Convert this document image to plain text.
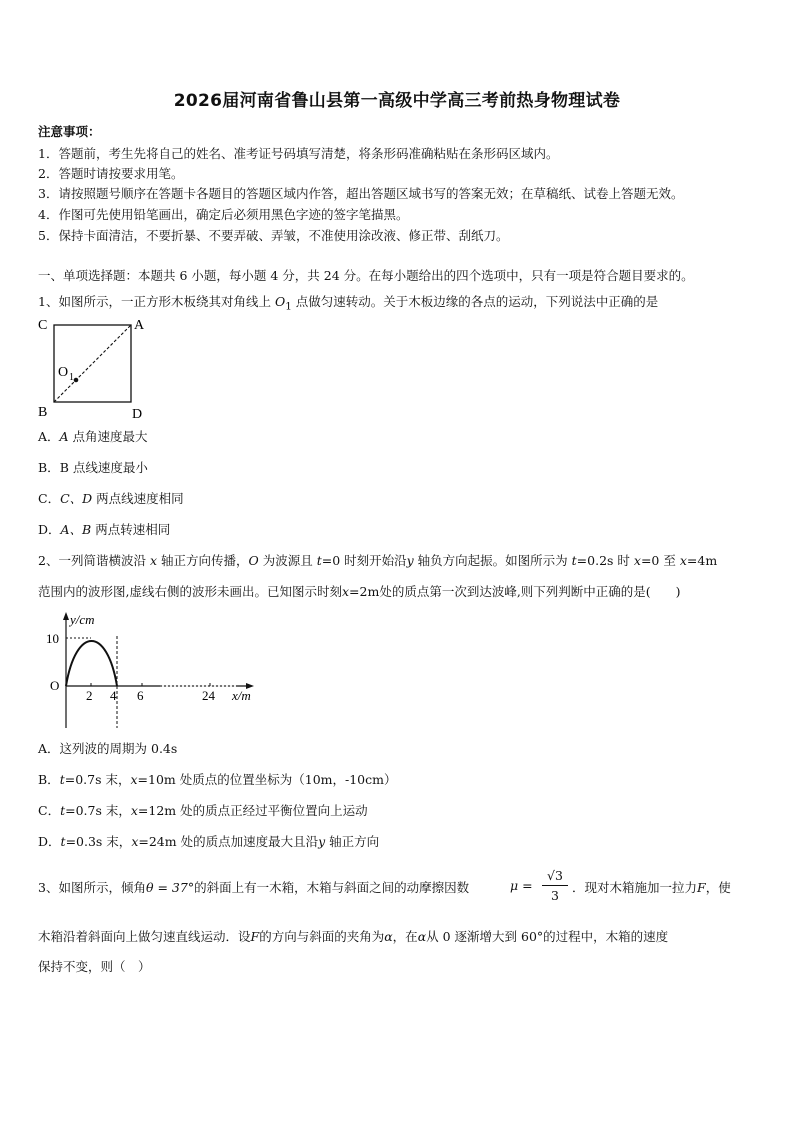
2026届河南省鲁山县第一高级中学高三考前热身物理试卷
注意事项：
1．答题前，考生先将自己的姓名、准考证号码填写清楚，将条形码准确粘贴在条形码区域内。
2．答题时请按要求用笔。
3．请按照题号顺序在答题卡各题目的答题区域内作答，超出答题区域书写的答案无效；在草稿纸、试卷上答题无效。
4．作图可先使用铅笔画出，确定后必须用黑色字迹的签字笔描黑。
5．保持卡面清洁，不要折暴、不要弄破、弄皱，不准使用涂改液、修正带、刮纸刀。
一、单项选择题：本题共 6 小题，每小题 4 分，共 24 分。在每小题给出的四个选项中，只有一项是符合题目要求的。
1、如图所示，一正方形木板绕其对角线上 $O_1$ 点做匀速转动。关于木板边缘的各点的运动，下列说法中正确的是
C	A
B	D
O 1
A．A 点角速度最大
B．B 点线速度最小
C．C、D 两点线速度相同
D．A、B 两点转速相同
2、一列简谐横波沿 x 轴正方向传播，O 为波源且 t=0 时刻开始沿y 轴负方向起振。如图所示为 t=0.2s 时 x=0 至 x=4m
范围内的波形图,虚线右侧的波形未画出。已知图示时刻x=2m处的质点第一次到达波峰,则下列判断中正确的是(　　)
y/cm
10
O
2 4 6	24 x/m
A．这列波的周期为 0.4s
B．t=0.7s 末，x=10m 处质点的位置坐标为（10m，-10cm）
C．t=0.7s 末，x=12m 处的质点正经过平衡位置向上运动
D．t=0.3s 末，x=24m 处的质点加速度最大且沿y 轴正方向
3、如图所示，倾角θ = 37°的斜面上有一木箱，木箱与斜面之间的动摩擦因数	μ =
√3
3
．现对木箱施加一拉力F，使
木箱沿着斜面向上做匀速直线运动．设F的方向与斜面的夹角为α，在α从 0 逐渐增大到 60°的过程中，木箱的速度
保持不变，则（　）
